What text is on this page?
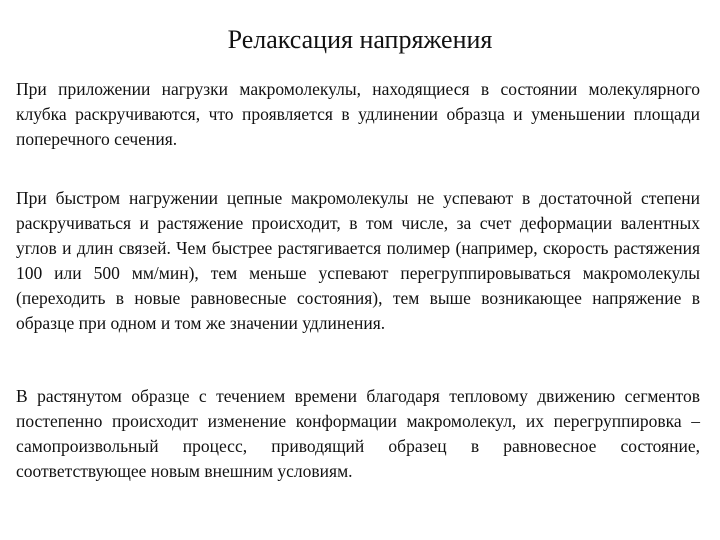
Релаксация напряжения

При приложении нагрузки макромолекулы, находящиеся в состоянии молекулярного клубка раскручиваются, что проявляется в удлинении образца и уменьшении площади поперечного сечения.

При быстром нагружении цепные макромолекулы не успевают в достаточной степени раскручиваться и растяжение происходит, в том числе, за счет деформации валентных углов и длин связей. Чем быстрее растягивается полимер (например, скорость растяжения 100 или 500 мм/мин), тем меньше успевают перегруппировываться макромолекулы (переходить в новые равновесные состояния), тем выше возникающее напряжение в образце при одном и том же значении удлинения.

В растянутом образце с течением времени благодаря тепловому движению сегментов постепенно происходит изменение конформации макромолекул, их перегруппировка – самопроизвольный процесс, приводящий образец в равновесное состояние, соответствующее новым внешним условиям.
